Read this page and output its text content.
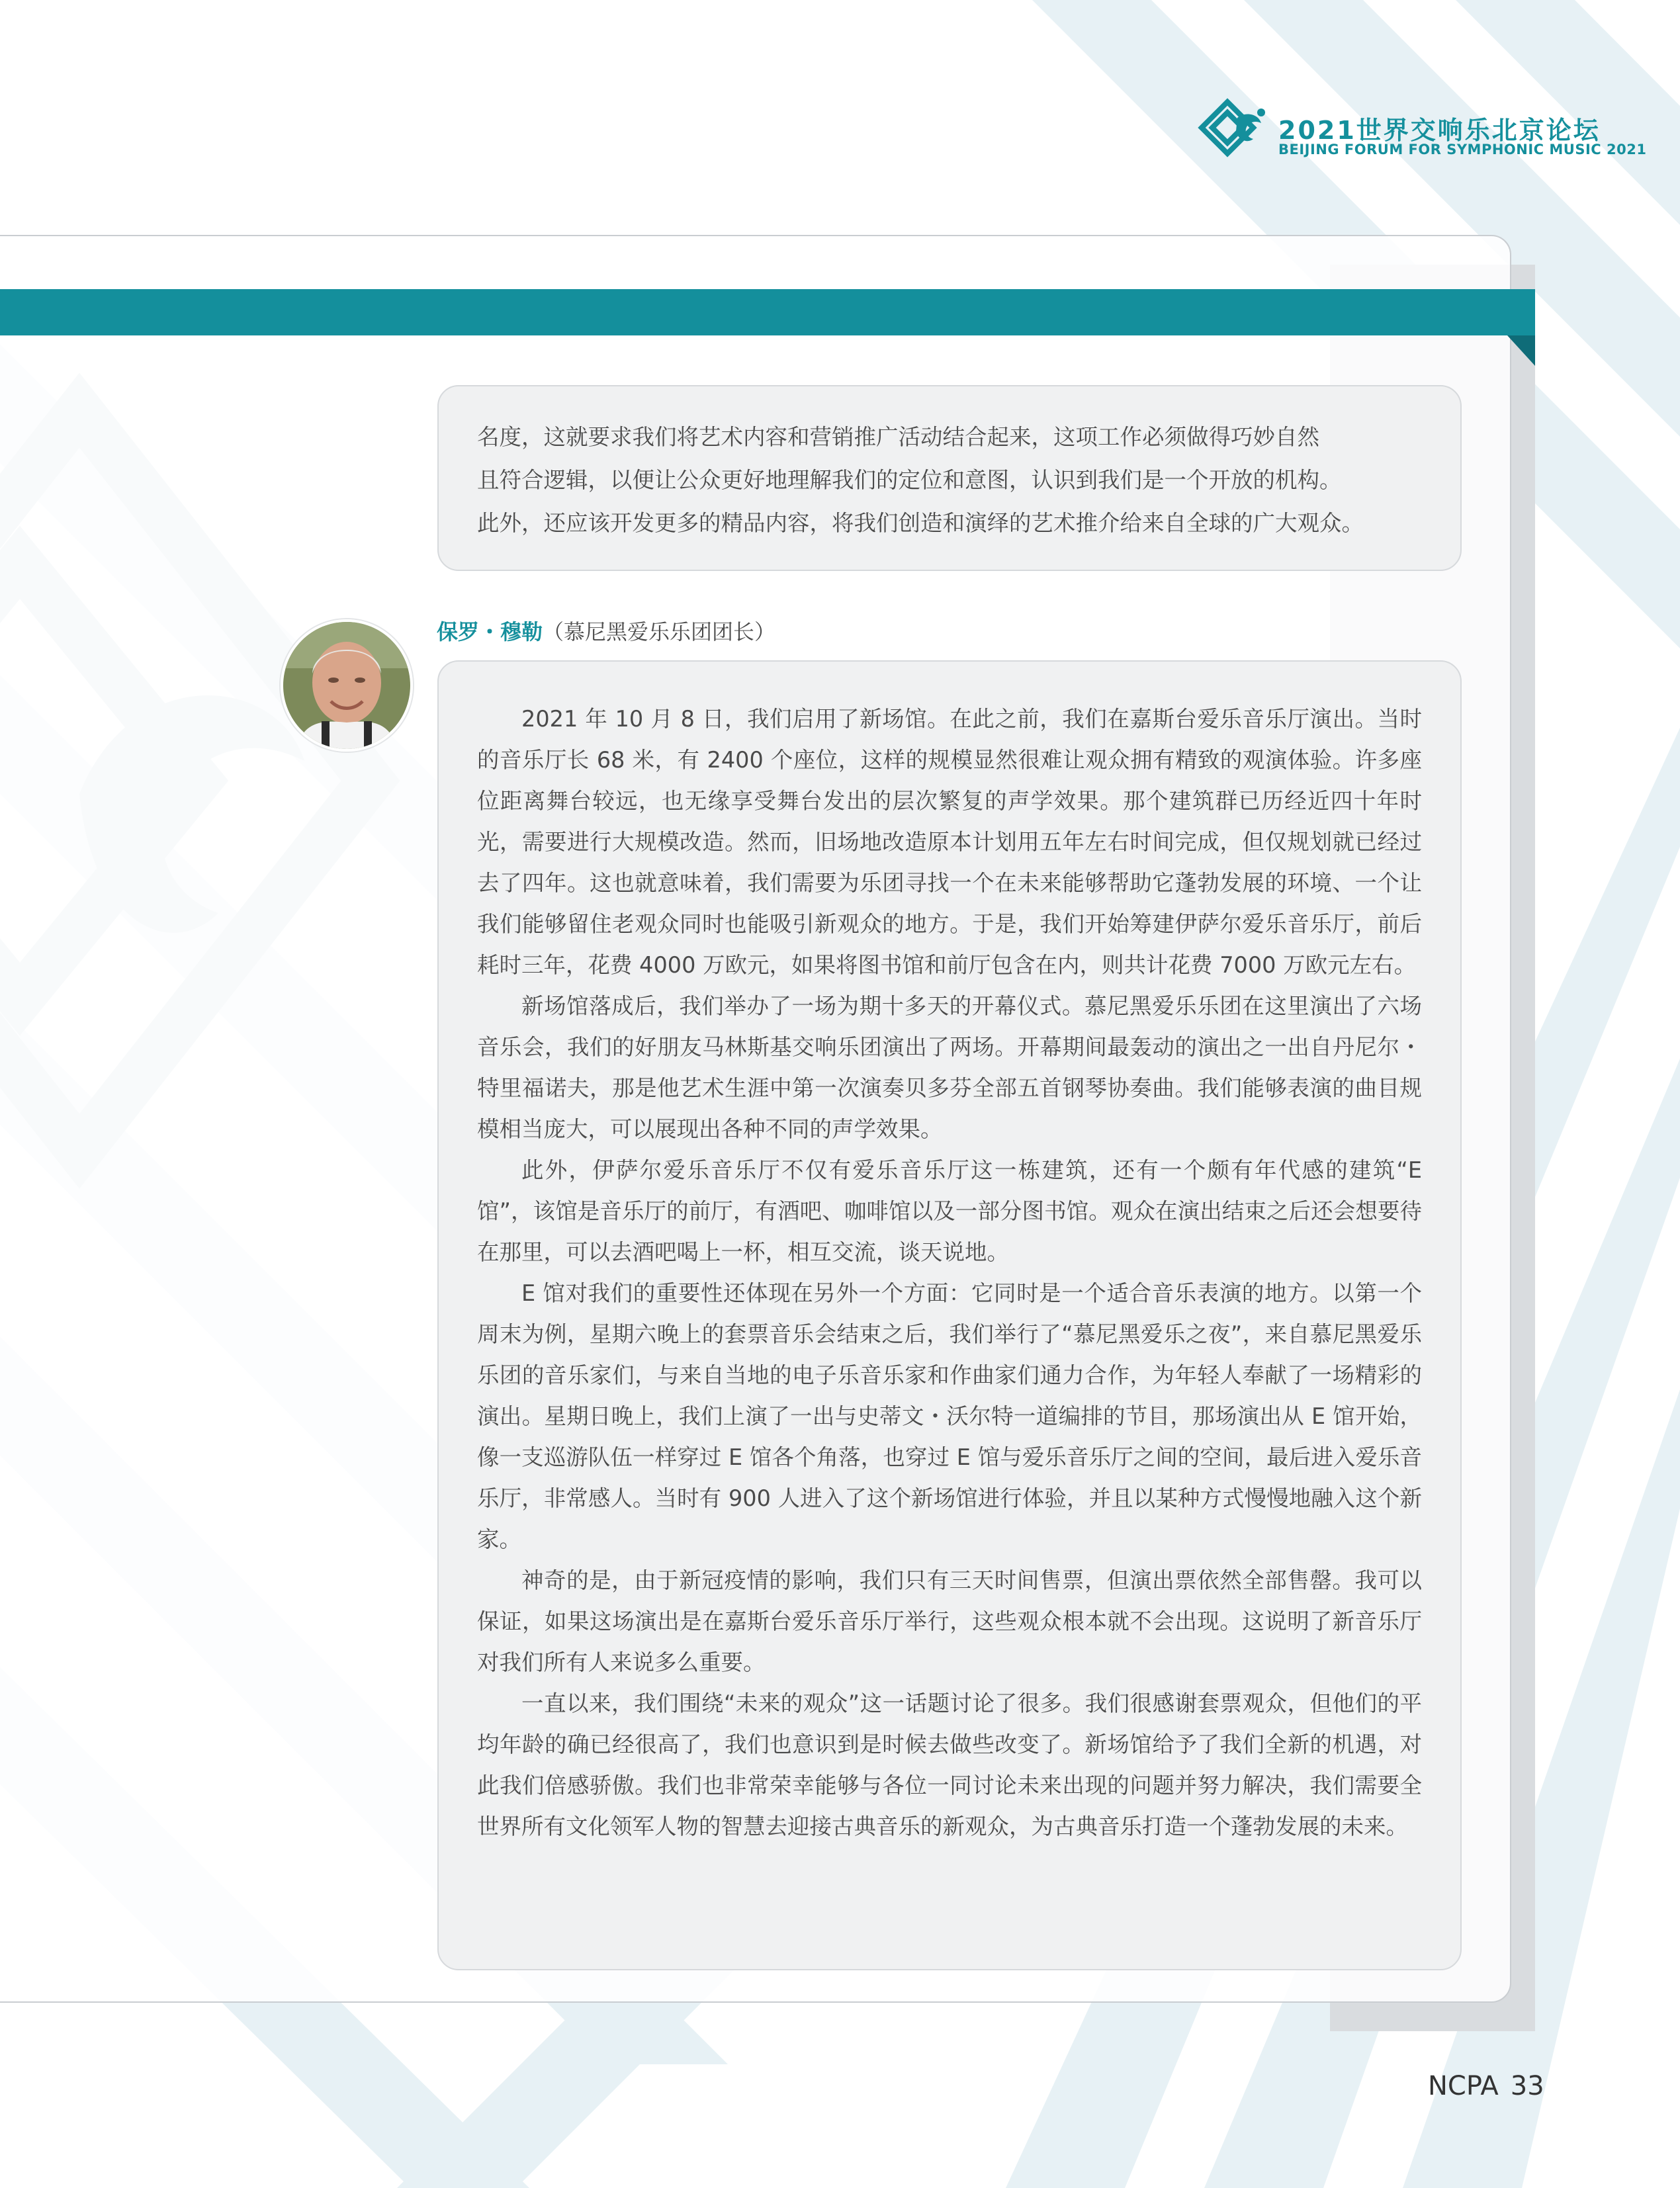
2021世界交响乐北京论坛
BEIJING FORUM FOR SYMPHONIC MUSIC 2021

名度，这就要求我们将艺术内容和营销推广活动结合起来，这项工作必须做得巧妙自然

且符合逻辑，以便让公众更好地理解我们的定位和意图，认识到我们是一个开放的机构。

此外，还应该开发更多的精品内容，将我们创造和演绎的艺术推介给来自全球的广大观众。

保罗・穆勒（慕尼黑爱乐乐团团长）

2021 年 10 月 8 日，我们启用了新场馆。在此之前，我们在嘉斯台爱乐音乐厅演出。当时的音乐厅长 68 米，有 2400 个座位，这样的规模显然很难让观众拥有精致的观演体验。许多座位距离舞台较远，也无缘享受舞台发出的层次繁复的声学效果。那个建筑群已历经近四十年时光，需要进行大规模改造。然而，旧场地改造原本计划用五年左右时间完成，但仅规划就已经过去了四年。这也就意味着，我们需要为乐团寻找一个在未来能够帮助它蓬勃发展的环境、一个让我们能够留住老观众同时也能吸引新观众的地方。于是，我们开始筹建伊萨尔爱乐音乐厅，前后耗时三年，花费 4000 万欧元，如果将图书馆和前厅包含在内，则共计花费 7000 万欧元左右。

新场馆落成后，我们举办了一场为期十多天的开幕仪式。慕尼黑爱乐乐团在这里演出了六场音乐会，我们的好朋友马林斯基交响乐团演出了两场。开幕期间最轰动的演出之一出自丹尼尔・特里福诺夫，那是他艺术生涯中第一次演奏贝多芬全部五首钢琴协奏曲。我们能够表演的曲目规模相当庞大，可以展现出各种不同的声学效果。

此外，伊萨尔爱乐音乐厅不仅有爱乐音乐厅这一栋建筑，还有一个颇有年代感的建筑“E 馆”，该馆是音乐厅的前厅，有酒吧、咖啡馆以及一部分图书馆。观众在演出结束之后还会想要待在那里，可以去酒吧喝上一杯，相互交流，谈天说地。

E 馆对我们的重要性还体现在另外一个方面：它同时是一个适合音乐表演的地方。以第一个周末为例，星期六晚上的套票音乐会结束之后，我们举行了“慕尼黑爱乐之夜”，来自慕尼黑爱乐乐团的音乐家们，与来自当地的电子乐音乐家和作曲家们通力合作，为年轻人奉献了一场精彩的演出。星期日晚上，我们上演了一出与史蒂文・沃尔特一道编排的节目，那场演出从 E 馆开始，像一支巡游队伍一样穿过 E 馆各个角落，也穿过 E 馆与爱乐音乐厅之间的空间，最后进入爱乐音乐厅，非常感人。当时有 900 人进入了这个新场馆进行体验，并且以某种方式慢慢地融入这个新家。

神奇的是，由于新冠疫情的影响，我们只有三天时间售票，但演出票依然全部售罄。我可以保证，如果这场演出是在嘉斯台爱乐音乐厅举行，这些观众根本就不会出现。这说明了新音乐厅对我们所有人来说多么重要。

一直以来，我们围绕“未来的观众”这一话题讨论了很多。我们很感谢套票观众，但他们的平均年龄的确已经很高了，我们也意识到是时候去做些改变了。新场馆给予了我们全新的机遇，对此我们倍感骄傲。我们也非常荣幸能够与各位一同讨论未来出现的问题并努力解决，我们需要全世界所有文化领军人物的智慧去迎接古典音乐的新观众，为古典音乐打造一个蓬勃发展的未来。

NCPA 33
